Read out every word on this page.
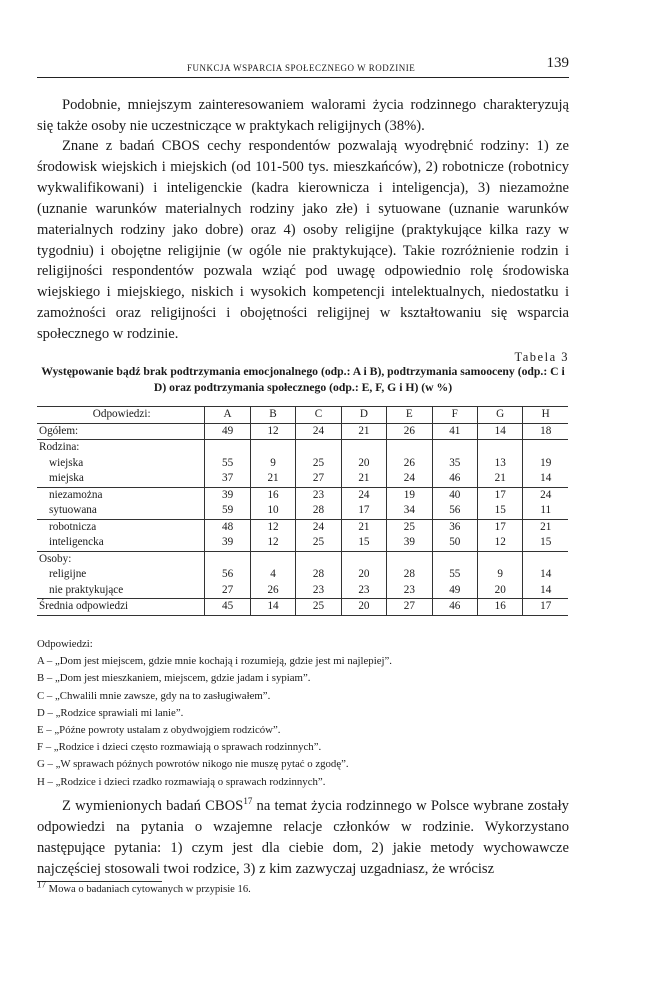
FUNKCJA WSPARCIA SPOŁECZNEGO W RODZINIE	139

Podobnie, mniejszym zainteresowaniem walorami życia rodzinnego charakteryzują się także osoby nie uczestniczące w praktykach religijnych (38%).

Znane z badań CBOS cechy respondentów pozwalają wyodrębnić rodziny: 1) ze środowisk wiejskich i miejskich (od 101-500 tys. mieszkańców), 2) robotnicze (robotnicy wykwalifikowani) i inteligenckie (kadra kierownicza i inteligencja), 3) niezamożne (uznanie warunków materialnych rodziny jako złe) i sytuowane (uznanie warunków materialnych rodziny jako dobre) oraz 4) osoby religijne (praktykujące kilka razy w tygodniu) i obojętne religijnie (w ogóle nie praktykujące). Takie rozróżnienie rodzin i religijności respondentów pozwala wziąć pod uwagę odpowiednio rolę środowiska wiejskiego i miejskiego, niskich i wysokich kompetencji intelektualnych, niedostatku i zamożności oraz religijności i obojętności religijnej w kształtowaniu się wsparcia społecznego w rodzinie.

Tabela 3

Występowanie bądź brak podtrzymania emocjonalnego (odp.: A i B), podtrzymania samooceny (odp.: C i D) oraz podtrzymania społecznego (odp.: E, F, G i H) (w %)

Odpowiedzi:	A	B	C	D	E	F	G	H
Ogółem:	49	12	24	21	26	41	14	18
Rodzina:								
wiejska	55	9	25	20	26	35	13	19
miejska	37	21	27	21	24	46	21	14
niezamożna	39	16	23	24	19	40	17	24
sytuowana	59	10	28	17	34	56	15	11
robotnicza	48	12	24	21	25	36	17	21
inteligencka	39	12	25	15	39	50	12	15
Osoby:								
religijne	56	4	28	20	28	55	9	14
nie praktykujące	27	26	23	23	23	49	20	14
Średnia odpowiedzi	45	14	25	20	27	46	16	17
Odpowiedzi:
A – „Dom jest miejscem, gdzie mnie kochają i rozumieją, gdzie jest mi najlepiej”.
B – „Dom jest mieszkaniem, miejscem, gdzie jadam i sypiam”.
C – „Chwalili mnie zawsze, gdy na to zasługiwałem”.
D – „Rodzice sprawiali mi lanie”.
E – „Późne powroty ustalam z obydwojgiem rodziców”.
F – „Rodzice i dzieci często rozmawiają o sprawach rodzinnych”.
G – „W sprawach późnych powrotów nikogo nie muszę pytać o zgodę”.
H – „Rodzice i dzieci rzadko rozmawiają o sprawach rodzinnych”.

Z wymienionych badań CBOS$^{17}$ na temat życia rodzinnego w Polsce wybrane zostały odpowiedzi na pytania o wzajemne relacje członków w rodzinie. Wykorzystano następujące pytania: 1) czym jest dla ciebie dom, 2) jakie metody wychowawcze najczęściej stosowali twoi rodzice, 3) z kim zazwyczaj uzgadniasz, że wrócisz

$^{17}$ Mowa o badaniach cytowanych w przypisie 16.
